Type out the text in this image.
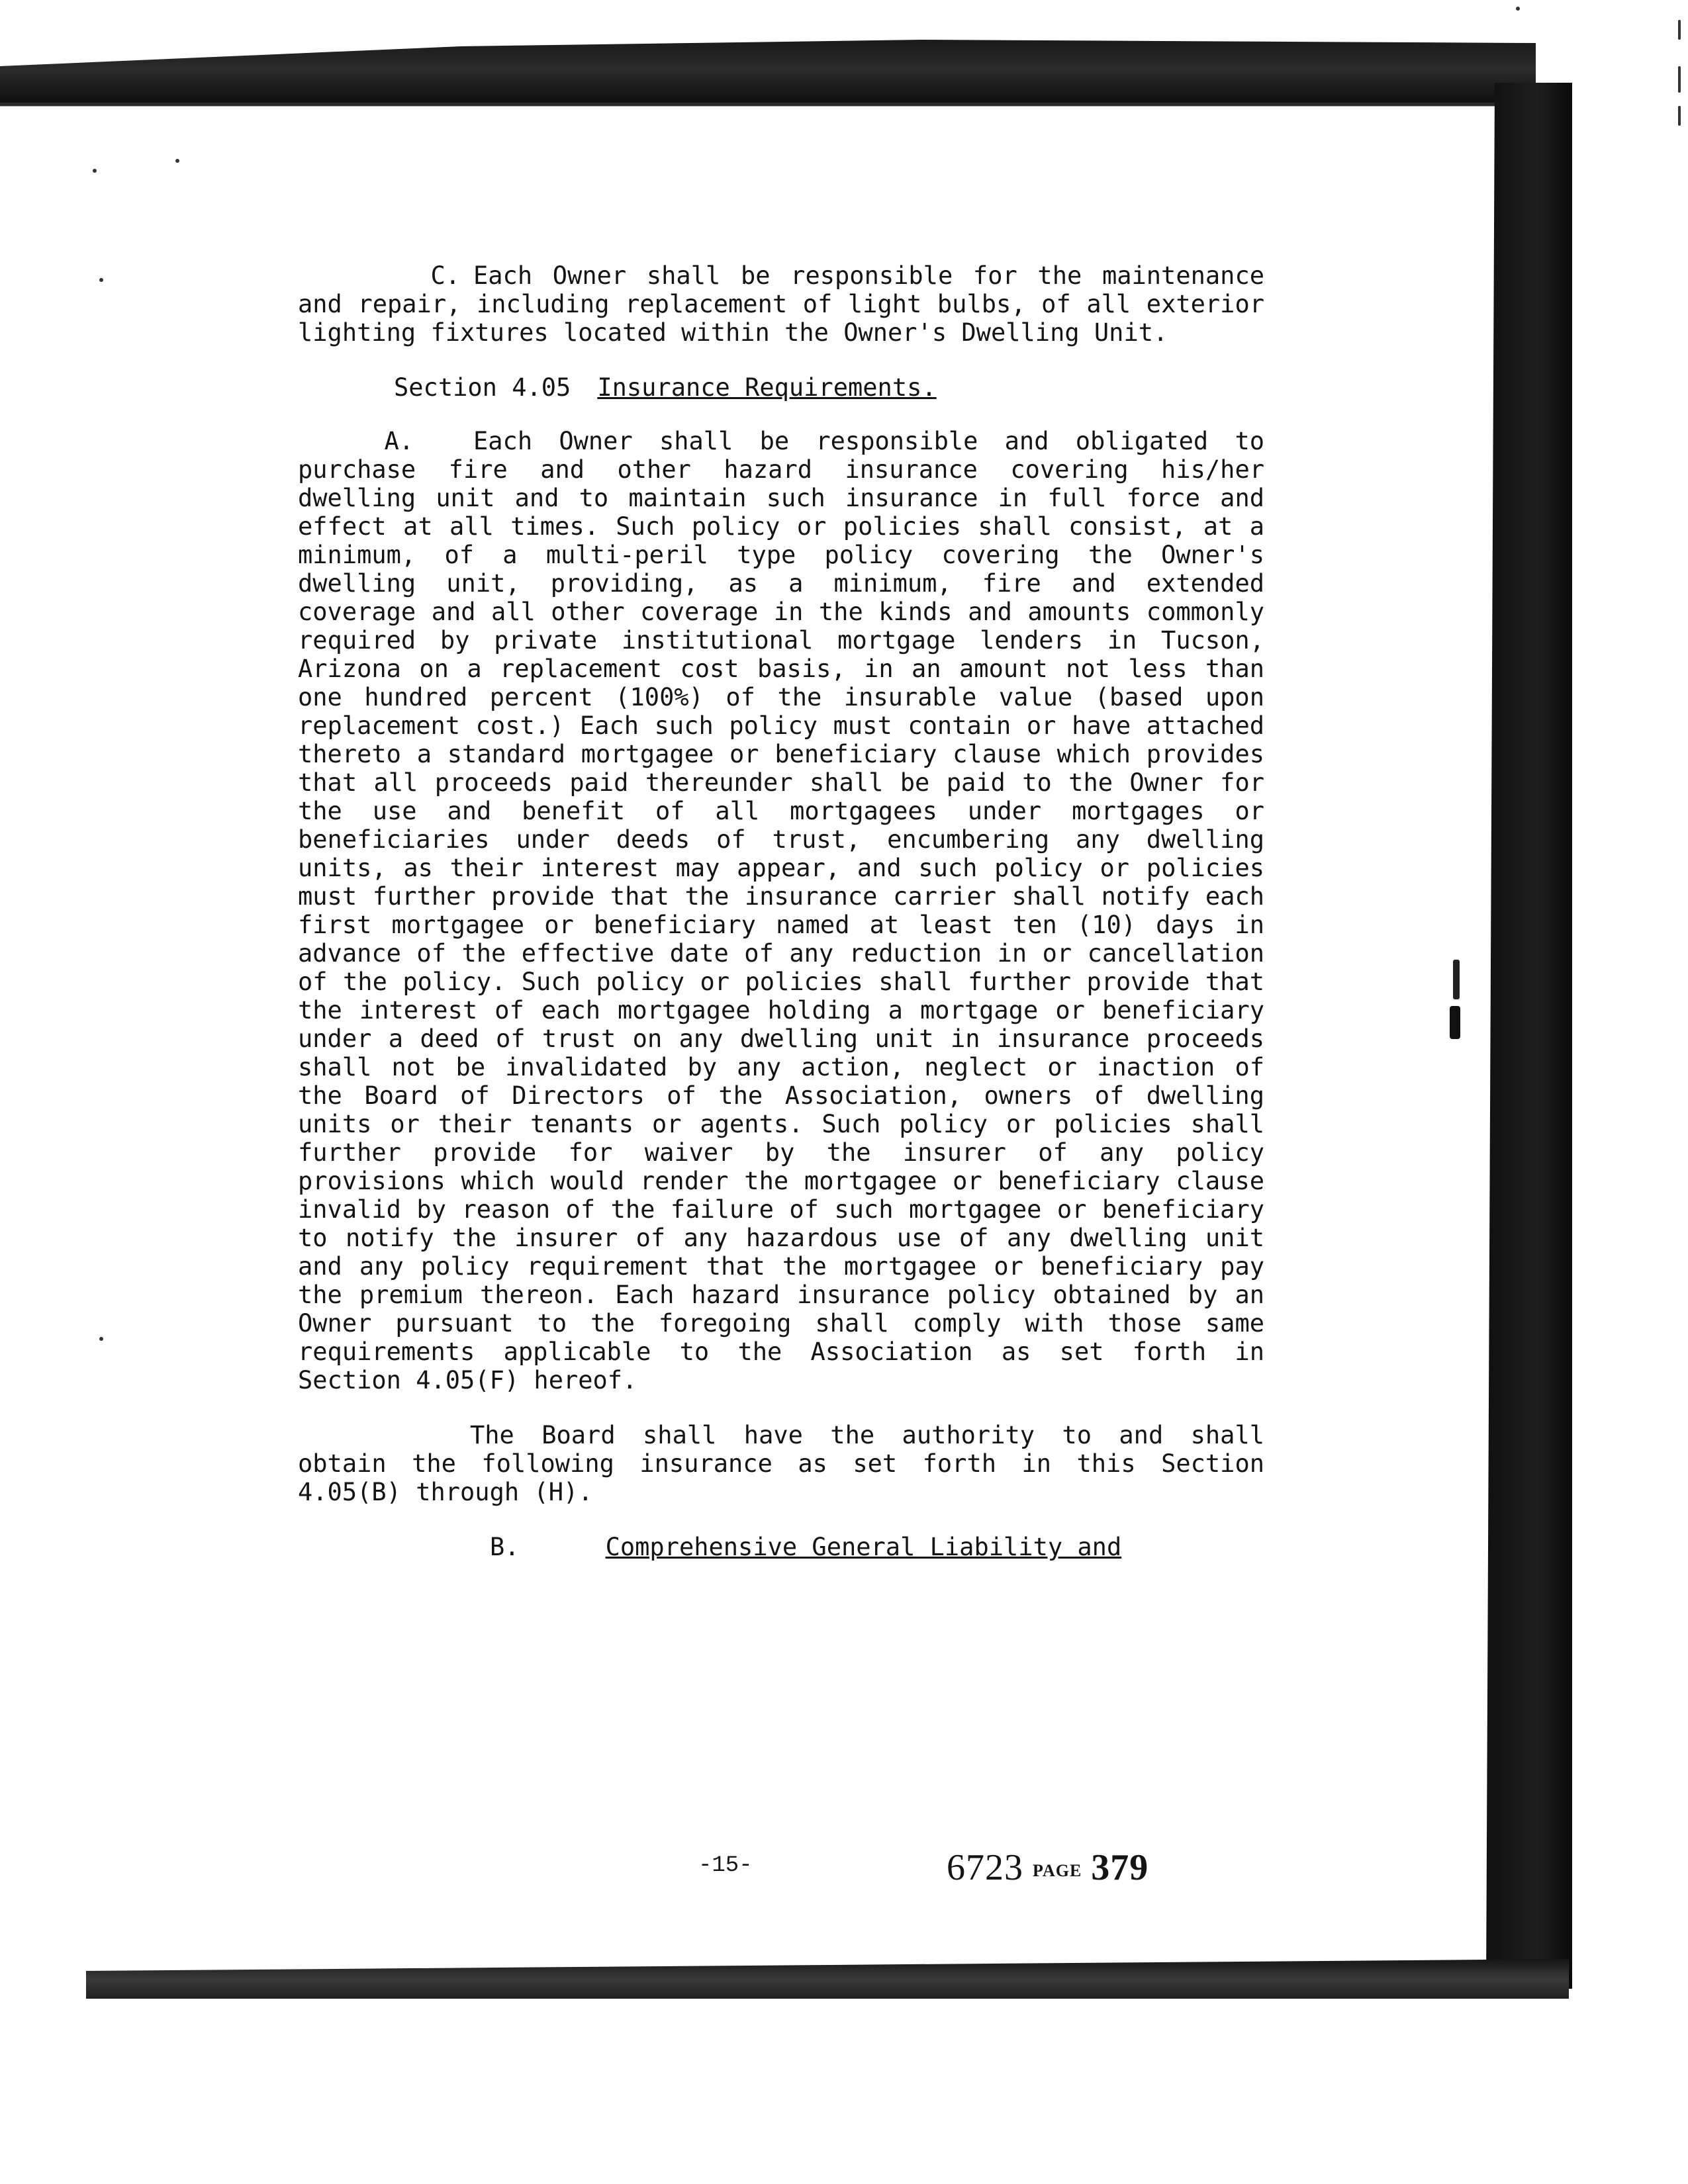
C. Each Owner shall be responsible for the maintenance and repair, including replacement of light bulbs, of all exterior lighting fixtures located within the Owner's Dwelling Unit.

Section 4.05 Insurance Requirements.

A. Each Owner shall be responsible and obligated to purchase fire and other hazard insurance covering his/her dwelling unit and to maintain such insurance in full force and effect at all times. Such policy or policies shall consist, at a minimum, of a multi-peril type policy covering the Owner's dwelling unit, providing, as a minimum, fire and extended coverage and all other coverage in the kinds and amounts commonly required by private institutional mortgage lenders in Tucson, Arizona on a replacement cost basis, in an amount not less than one hundred percent (100%) of the insurable value (based upon replacement cost.) Each such policy must contain or have attached thereto a standard mortgagee or beneficiary clause which provides that all proceeds paid thereunder shall be paid to the Owner for the use and benefit of all mortgagees under mortgages or beneficiaries under deeds of trust, encumbering any dwelling units, as their interest may appear, and such policy or policies must further provide that the insurance carrier shall notify each first mortgagee or beneficiary named at least ten (10) days in advance of the effective date of any reduction in or cancellation of the policy. Such policy or policies shall further provide that the interest of each mortgagee holding a mortgage or beneficiary under a deed of trust on any dwelling unit in insurance proceeds shall not be invalidated by any action, neglect or inaction of the Board of Directors of the Association, owners of dwelling units or their tenants or agents. Such policy or policies shall further provide for waiver by the insurer of any policy provisions which would render the mortgagee or beneficiary clause invalid by reason of the failure of such mortgagee or beneficiary to notify the insurer of any hazardous use of any dwelling unit and any policy requirement that the mortgagee or beneficiary pay the premium thereon. Each hazard insurance policy obtained by an Owner pursuant to the foregoing shall comply with those same requirements applicable to the Association as set forth in Section 4.05(F) hereof.

The Board shall have the authority to and shall obtain the following insurance as set forth in this Section 4.05(B) through (H).

B.	Comprehensive General Liability and

-15-	6723 PAGE 379
